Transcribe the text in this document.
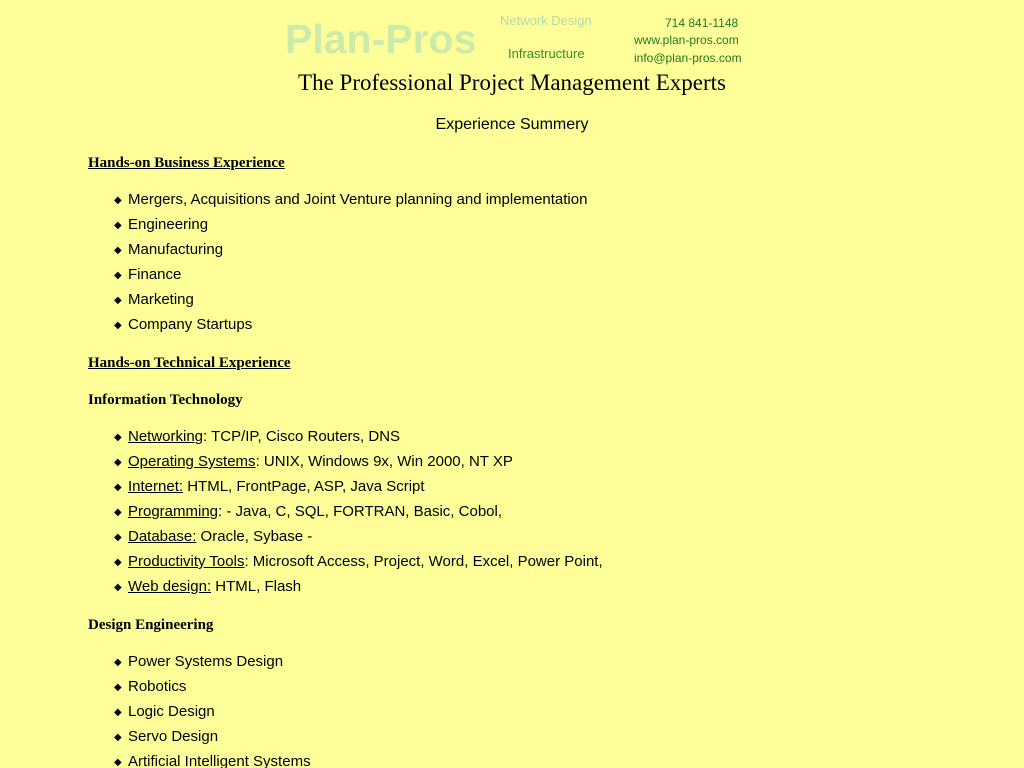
Plan-Pros Network Design
Infrastructure
714 841-1148
www.plan-pros.com
info@plan-pros.com
The Professional Project Management Experts
Experience Summery
Hands-on Business Experience
◆ Mergers, Acquisitions and Joint Venture planning and implementation
◆ Engineering
◆ Manufacturing
◆ Finance
◆ Marketing
◆ Company Startups
Hands-on Technical Experience
Information Technology
◆ Networking: TCP/IP, Cisco Routers, DNS
◆ Operating Systems: UNIX, Windows 9x, Win 2000, NT XP
◆ Internet: HTML, FrontPage, ASP, Java Script
◆ Programming: - Java, C, SQL, FORTRAN, Basic, Cobol,
◆ Database: Oracle, Sybase -
◆ Productivity Tools: Microsoft Access, Project, Word, Excel, Power Point,
◆ Web design: HTML, Flash
Design Engineering
◆ Power Systems Design
◆ Robotics
◆ Logic Design
◆ Servo Design
◆ Artificial Intelligent Systems
